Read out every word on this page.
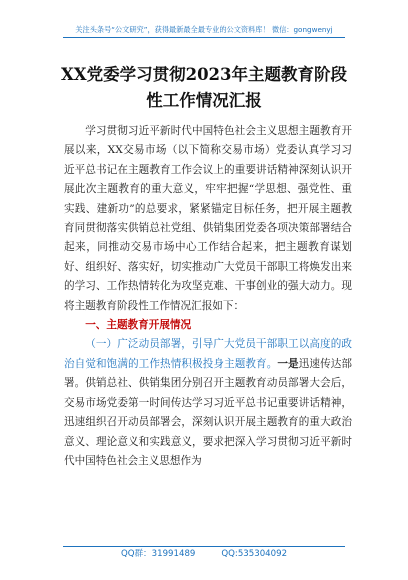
关注头条号“公文研究”，获得最新最全最专业的公文资料库！ 微信：gongwenyj
XX党委学习贯彻2023年主题教育阶段
性工作情况汇报

学习贯彻习近平新时代中国特色社会主义思想主题教育开展以来，XX交易市场（以下简称交易市场）党委认真学习习近平总书记在主题教育工作会议上的重要讲话精神深刻认识开展此次主题教育的重大意义，牢牢把握“学思想、强党性、重实践、建新功”的总要求，紧紧锚定目标任务，把开展主题教育同贯彻落实供销总社党组、供销集团党委各项决策部署结合起来，同推动交易市场中心工作结合起来，把主题教育谋划好、组织好、落实好，切实推动广大党员干部职工将焕发出来的学习、工作热情转化为攻坚克难、干事创业的强大动力。现将主题教育阶段性工作情况汇报如下：

一、主题教育开展情况

（一）广泛动员部署，引导广大党员干部职工以高度的政治自觉和饱满的工作热情积极投身主题教育。一是迅速传达部署。供销总社、供销集团分别召开主题教育动员部署大会后，交易市场党委第一时间传达学习习近平总书记重要讲话精神，迅速组织召开动员部署会，深刻认识开展主题教育的重大政治意义、理论意义和实践意义，要求把深入学习贯彻习近平新时代中国特色社会主义思想作为

QQ群：31991489	QQ:535304092
